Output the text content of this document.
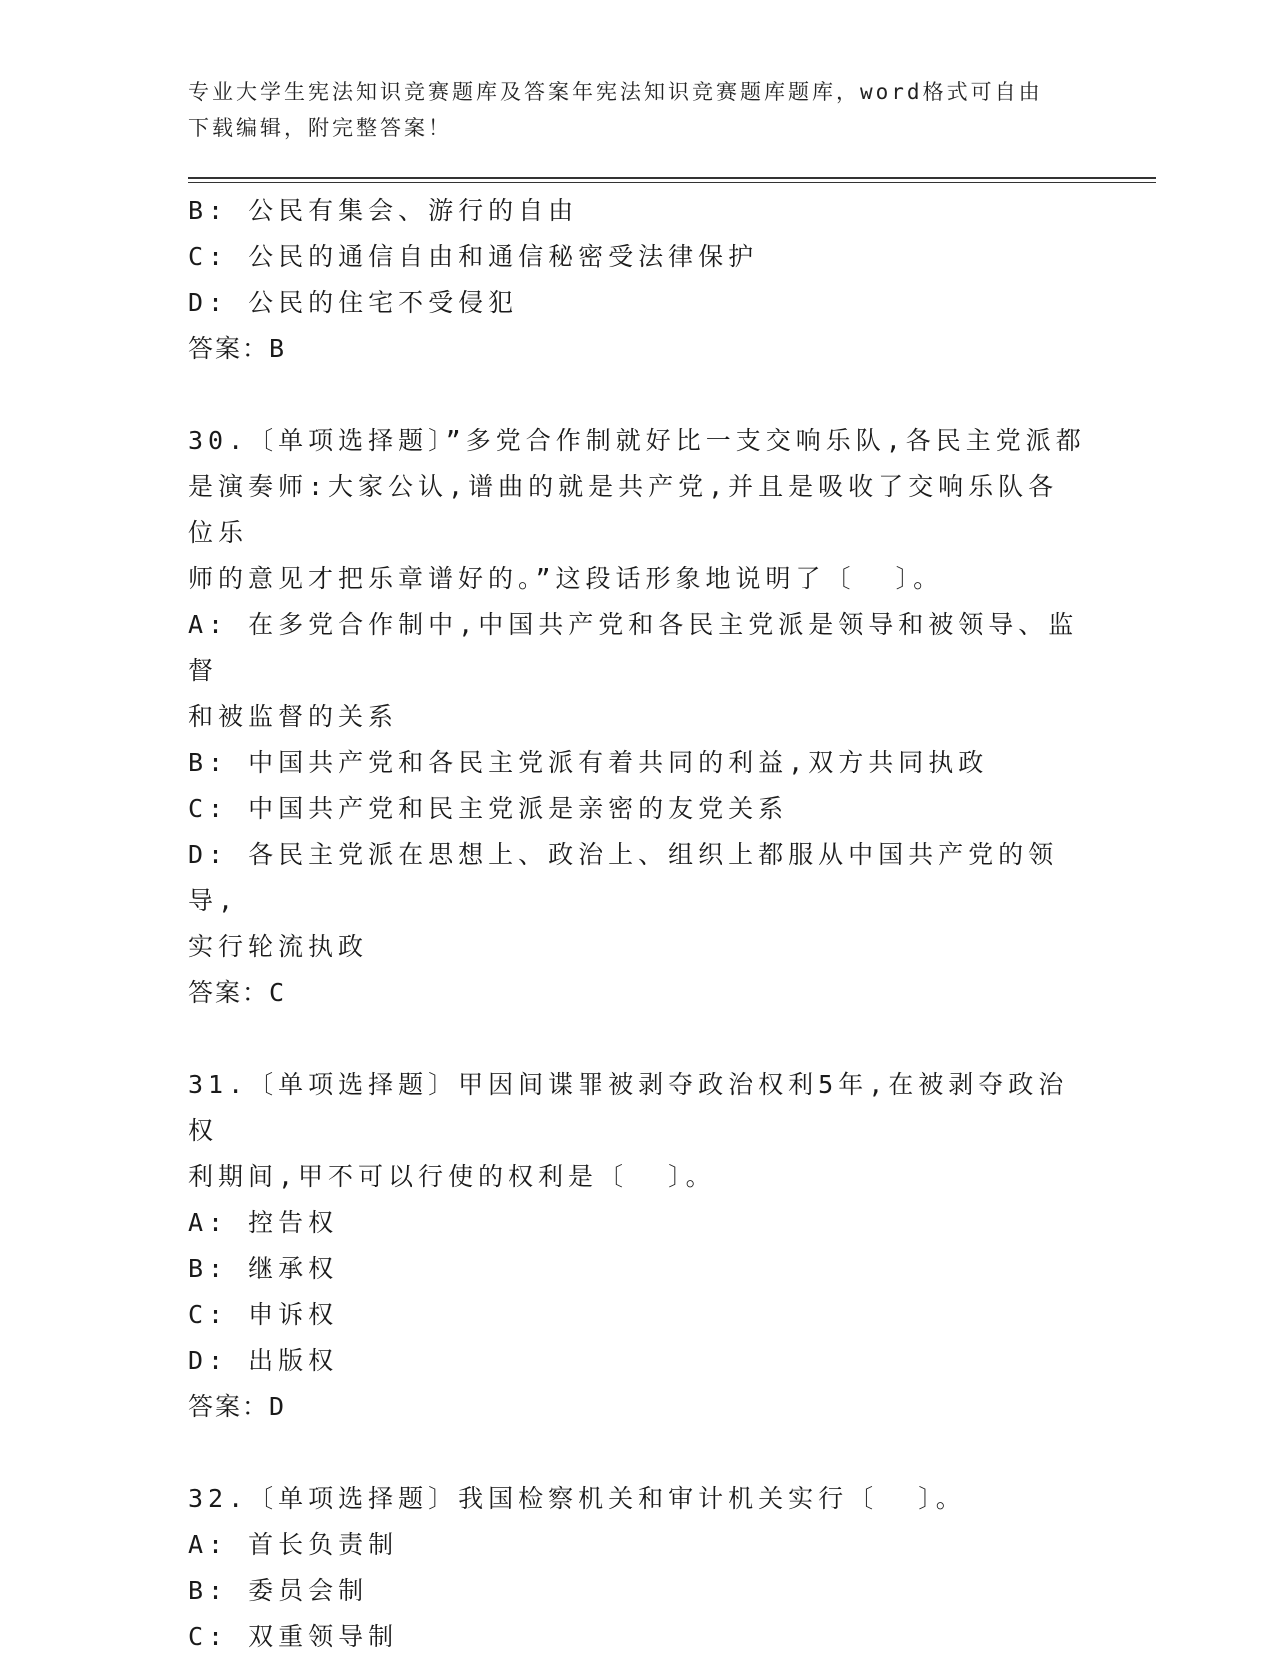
专业大学生宪法知识竞赛题库及答案年宪法知识竞赛题库题库，word格式可自由
下载编辑，附完整答案！
B: 公民有集会、游行的自由
C: 公民的通信自由和通信秘密受法律保护
D: 公民的住宅不受侵犯
答案：B
30.〔单项选择题〕”多党合作制就好比一支交响乐队,各民主党派都
是演奏师:大家公认,谱曲的就是共产党,并且是吸收了交响乐队各位乐
师的意见才把乐章谱好的。”这段话形象地说明了〔  〕。
A: 在多党合作制中,中国共产党和各民主党派是领导和被领导、监督
和被监督的关系
B: 中国共产党和各民主党派有着共同的利益,双方共同执政
C: 中国共产党和民主党派是亲密的友党关系
D: 各民主党派在思想上、政治上、组织上都服从中国共产党的领导,
实行轮流执政
答案：C
31.〔单项选择题〕甲因间谍罪被剥夺政治权利5年,在被剥夺政治权
利期间,甲不可以行使的权利是〔  〕。
A: 控告权
B: 继承权
C: 申诉权
D: 出版权
答案：D
32.〔单项选择题〕我国检察机关和审计机关实行〔  〕。
A: 首长负责制
B: 委员会制
C: 双重领导制
